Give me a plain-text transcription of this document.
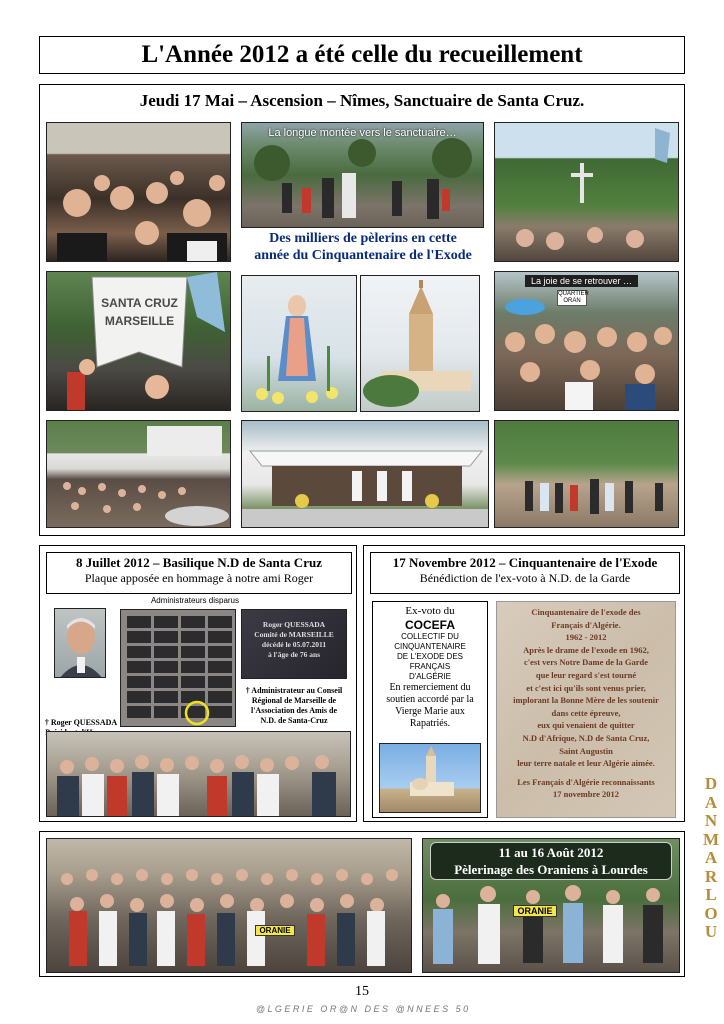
L'Année 2012 a été celle du recueillement
Jeudi 17 Mai – Ascension – Nîmes, Sanctuaire de Santa Cruz.
La longue montée vers le sanctuaire…
Des milliers de pèlerins en cette
année du Cinquantenaire de l'Exode
SANTA CRUZ
MARSEILLE
La joie de se retrouver …
QUARTIER ORAN
8 Juillet 2012 – Basilique N.D de Santa Cruz
Plaque apposée en hommage à notre ami Roger
Administrateurs disparus
† Roger QUESSADA
Roger QUESSADA
Comité de MARSEILLE
décédé le 05.07.2011
à l'âge de 76 ans
† Administrateur au Conseil
Régional de Marseille de
l'Association des Amis de
N.D. de Santa-Cruz
17 Novembre 2012 – Cinquantenaire de l'Exode
Bénédiction de l'ex-voto à N.D. de la Garde
Ex-voto du
COCEFA
COLLECTIF DU
CINQUANTENAIRE
DE L'EXODE DES
FRANÇAIS
D'ALGÉRIE
En remerciement du
soutien accordé par la
Vierge Marie aux
Rapatriés.
Cinquantenaire de l'exode des
Français d'Algérie.
1962 - 2012
Après le drame de l'exode en 1962,
c'est vers Notre Dame de la Garde
que leur regard s'est tourné
et c'est ici qu'ils sont venus prier,
implorant la Bonne Mère de les soutenir
dans cette épreuve,
eux qui venaient de quitter
N.D d'Afrique, N.D de Santa Cruz,
Saint Augustin
leur terre natale et leur Algérie aimée.
Les Français d'Algérie reconnaissants
17 novembre 2012
ORANIE
ORANIE
11 au 16 Août 2012
Pèlerinage des Oraniens à Lourdes
DANMARLOU
15
@ L G E R I E   O R @ N   D E S   @ N N E E S   5 0
